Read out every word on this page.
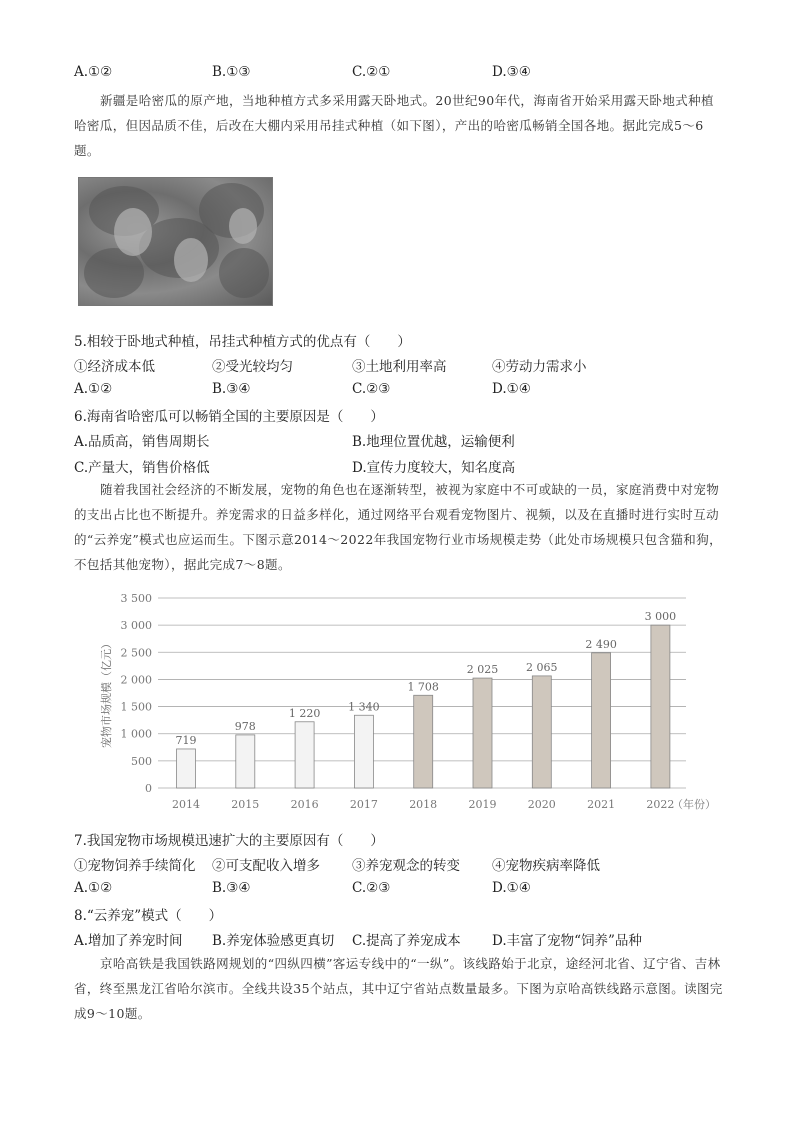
A.①②	B.①③	C.②①	D.③④
新疆是哈密瓜的原产地，当地种植方式多采用露天卧地式。20世纪90年代，海南省开始采用露天卧地式种植哈密瓜，但因品质不佳，后改在大棚内采用吊挂式种植（如下图），产出的哈密瓜畅销全国各地。据此完成5～6题。
5.相较于卧地式种植，吊挂式种植方式的优点有（　　）
①经济成本低	②受光较均匀	③土地利用率高	④劳动力需求小
A.①②	B.③④	C.②③	D.①④
6.海南省哈密瓜可以畅销全国的主要原因是（　　）
A.品质高，销售周期长	B.地理位置优越，运输便利
C.产量大，销售价格低	D.宣传力度较大，知名度高
随着我国社会经济的不断发展，宠物的角色也在逐渐转型，被视为家庭中不可或缺的一员，家庭消费中对宠物的支出占比也不断提升。养宠需求的日益多样化，通过网络平台观看宠物图片、视频，以及在直播时进行实时互动的“云养宠”模式也应运而生。下图示意2014～2022年我国宠物行业市场规模走势（此处市场规模只包含猫和狗，不包括其他宠物），据此完成7～8题。
0
500
1 000
1 500
2 000
2 500
3 000
3 500
宠物市场规模（亿元）	719
2014
978
2015
1 220
2016
1 340
2017
1 708
2018
2 025
2019
2 065
2020
2 490
2021
3 000
2022
（年份）
7.我国宠物市场规模迅速扩大的主要原因有（　　）
①宠物饲养手续简化 ②可支配收入增多 ③养宠观念的转变 ④宠物疾病率降低
A.①②	B.③④	C.②③	D.①④
8.“云养宠”模式（　　）
A.增加了养宠时间 B.养宠体验感更真切 C.提高了养宠成本 D.丰富了宠物“饲养”品种
京哈高铁是我国铁路网规划的“四纵四横”客运专线中的“一纵”。该线路始于北京，途经河北省、辽宁省、吉林省，终至黑龙江省哈尔滨市。全线共设35个站点，其中辽宁省站点数量最多。下图为京哈高铁线路示意图。读图完成9～10题。
